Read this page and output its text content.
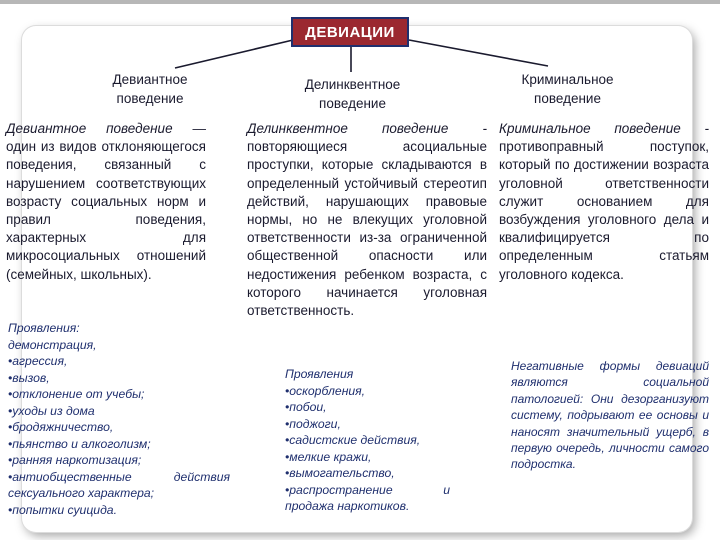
ДЕВИАЦИИ
Девиантное поведение
Делинквентное поведение
Криминальное поведение

Девиантное поведение — один из видов отклоняющегося поведения, связанный с нарушением соответствующих возрасту социальных норм и правил поведения, характерных для микросоциальных отношений (семейных, школьных).

Проявления:
демонстрация,
•агрессия,
•вызов,
•отклонение от учебы;
•уходы из дома
•бродяжничество,
•пьянство и алкоголизм;
•ранняя наркотизация;
•антиобщественные действия сексуального характера;
•попытки суицида.

Делинквентное поведение - повторяющиеся асоциальные проступки, которые складываются в определенный устойчивый стереотип действий, нарушающих правовые нормы, но не влекущих уголовной ответственности из-за ограниченной общественной опасности или недостижения ребенком возраста, с которого начинается уголовная ответственность.

Проявления
•оскорбления,
•побои,
•поджоги,
•садистские действия,
•мелкие кражи,
•вымогательство,
•распространение и продажа наркотиков.

Криминальное поведение - противоправный поступок, который по достижении возраста уголовной ответственности служит основанием для возбуждения уголовного дела и квалифицируется по определенным статьям уголовного кодекса.

Негативные формы девиаций являются социальной патологией: Они дезорганизуют систему, подрывают ее основы и наносят значительный ущерб, в первую очередь, личности самого подростка.
